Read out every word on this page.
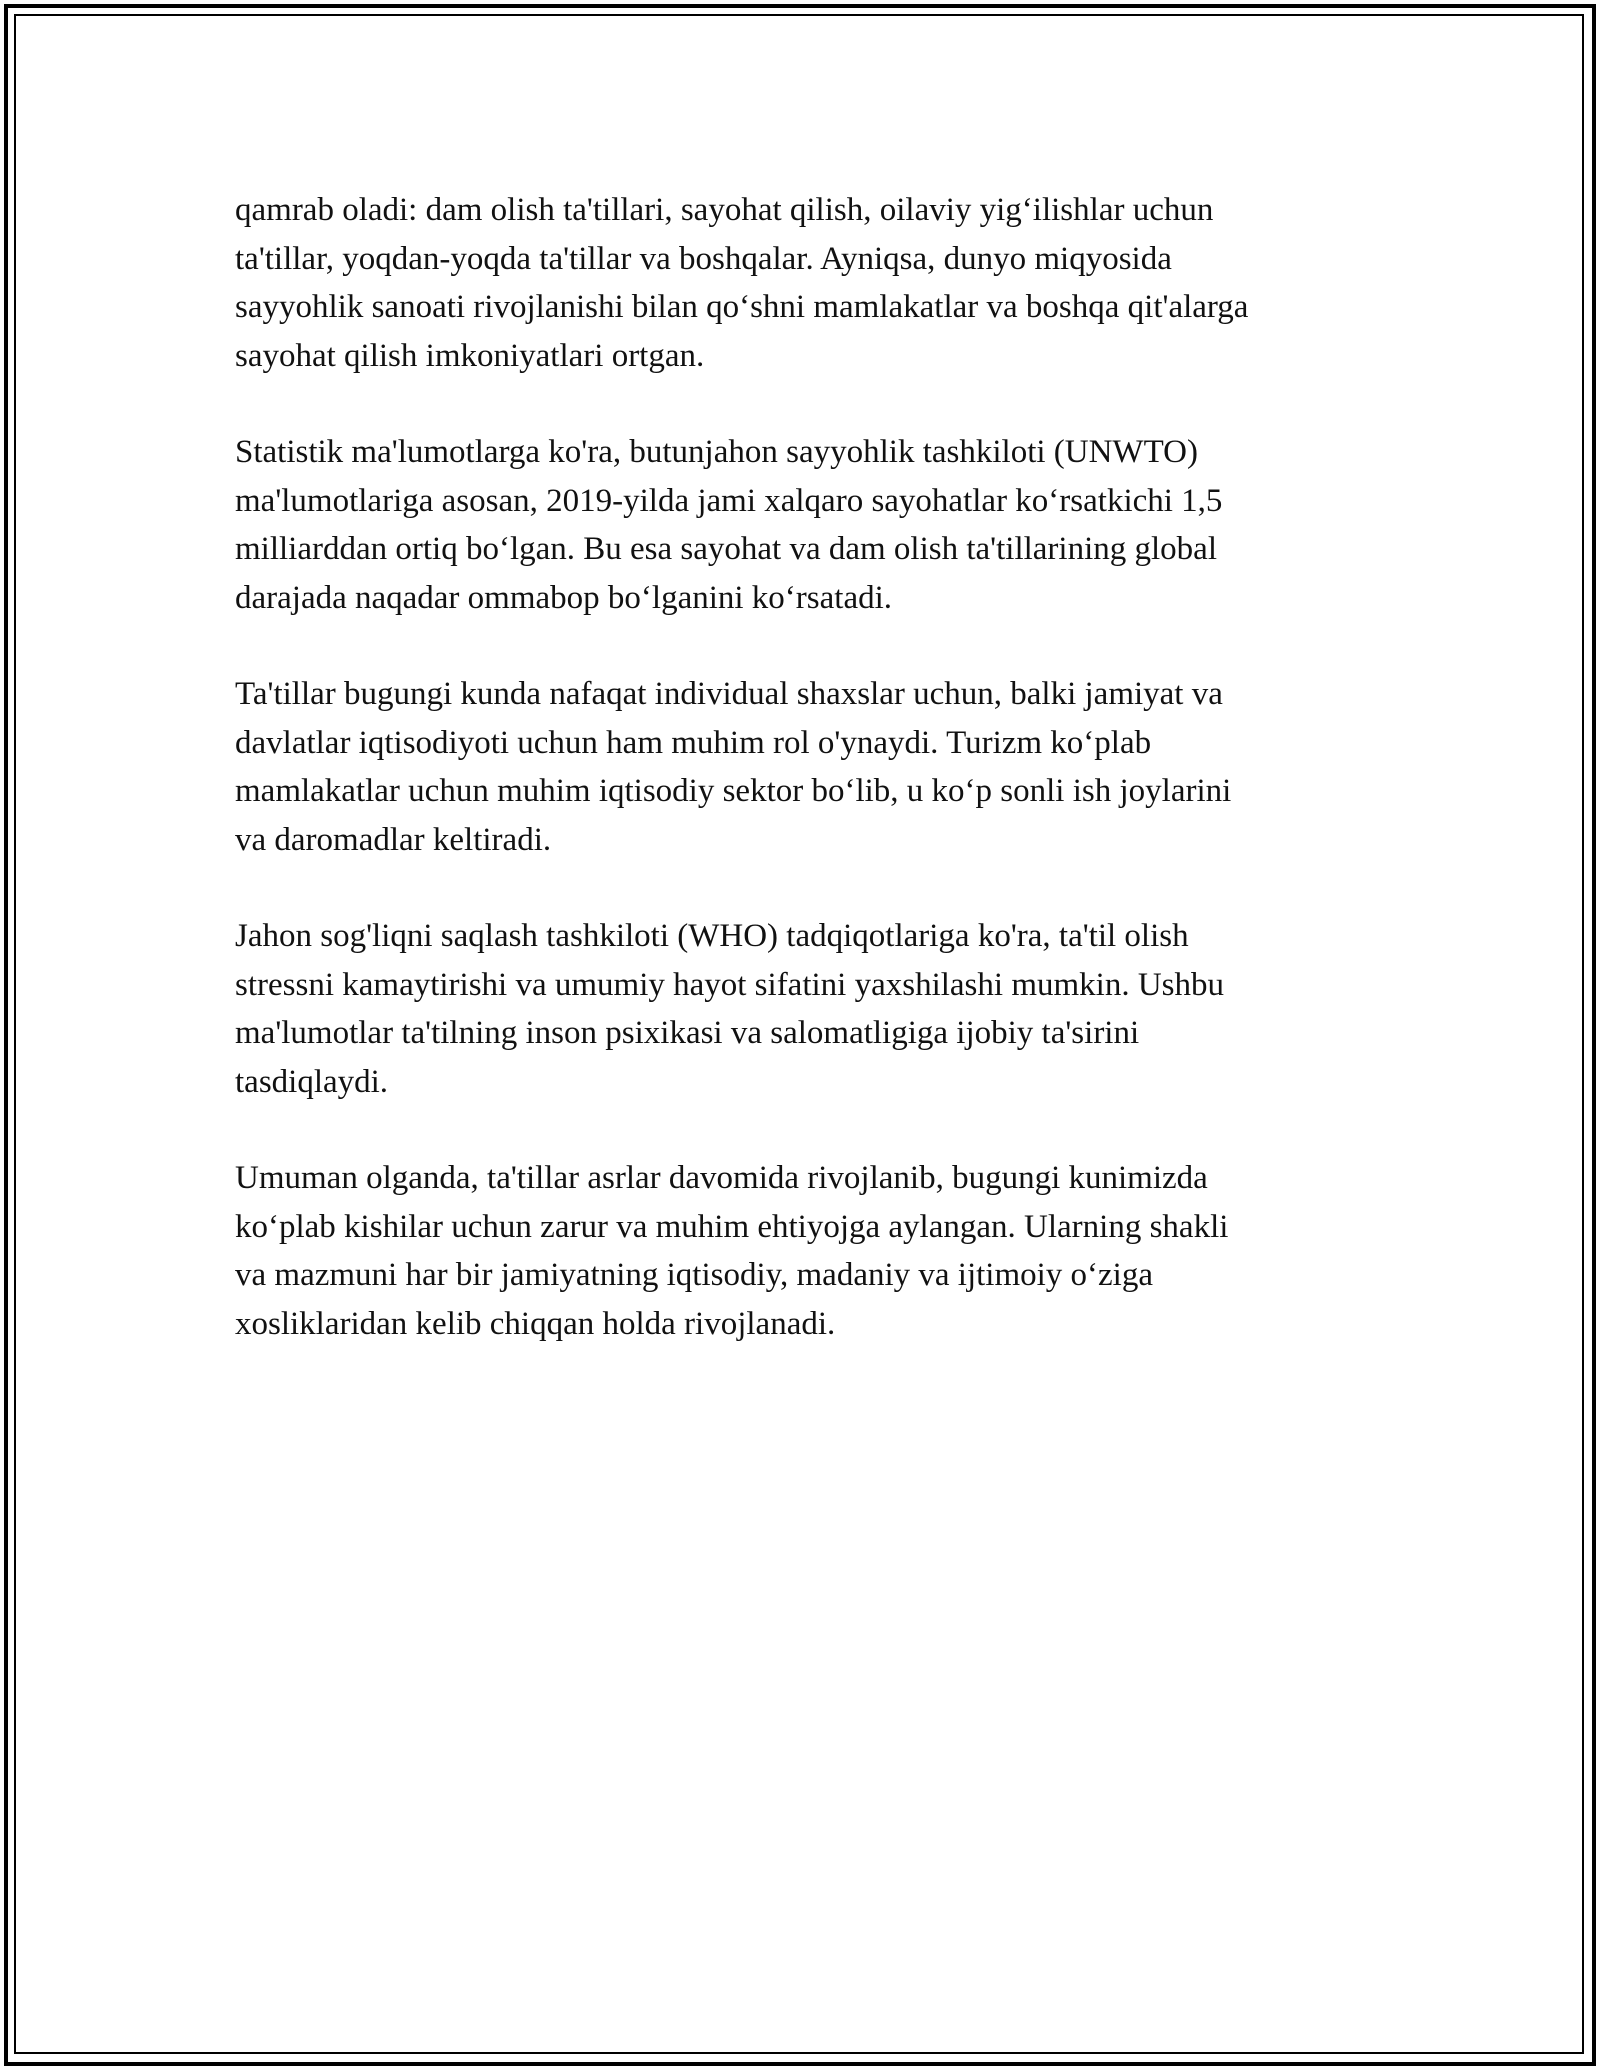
qamrab oladi: dam olish ta'tillari, sayohat qilish, oilaviy yig‘ilishlar uchun
ta'tillar, yoqdan-yoqda ta'tillar va boshqalar. Ayniqsa, dunyo miqyosida
sayyohlik sanoati rivojlanishi bilan qo‘shni mamlakatlar va boshqa qit'alarga
sayohat qilish imkoniyatlari ortgan.

Statistik ma'lumotlarga ko'ra, butunjahon sayyohlik tashkiloti (UNWTO)
ma'lumotlariga asosan, 2019-yilda jami xalqaro sayohatlar ko‘rsatkichi 1,5
milliarddan ortiq bo‘lgan. Bu esa sayohat va dam olish ta'tillarining global
darajada naqadar ommabop bo‘lganini ko‘rsatadi.

Ta'tillar bugungi kunda nafaqat individual shaxslar uchun, balki jamiyat va
davlatlar iqtisodiyoti uchun ham muhim rol o'ynaydi. Turizm ko‘plab
mamlakatlar uchun muhim iqtisodiy sektor bo‘lib, u ko‘p sonli ish joylarini
va daromadlar keltiradi.

Jahon sog'liqni saqlash tashkiloti (WHO) tadqiqotlariga ko'ra, ta'til olish
stressni kamaytirishi va umumiy hayot sifatini yaxshilashi mumkin. Ushbu
ma'lumotlar ta'tilning inson psixikasi va salomatligiga ijobiy ta'sirini
tasdiqlaydi.

Umuman olganda, ta'tillar asrlar davomida rivojlanib, bugungi kunimizda
ko‘plab kishilar uchun zarur va muhim ehtiyojga aylangan. Ularning shakli
va mazmuni har bir jamiyatning iqtisodiy, madaniy va ijtimoiy o‘ziga
xosliklaridan kelib chiqqan holda rivojlanadi.
